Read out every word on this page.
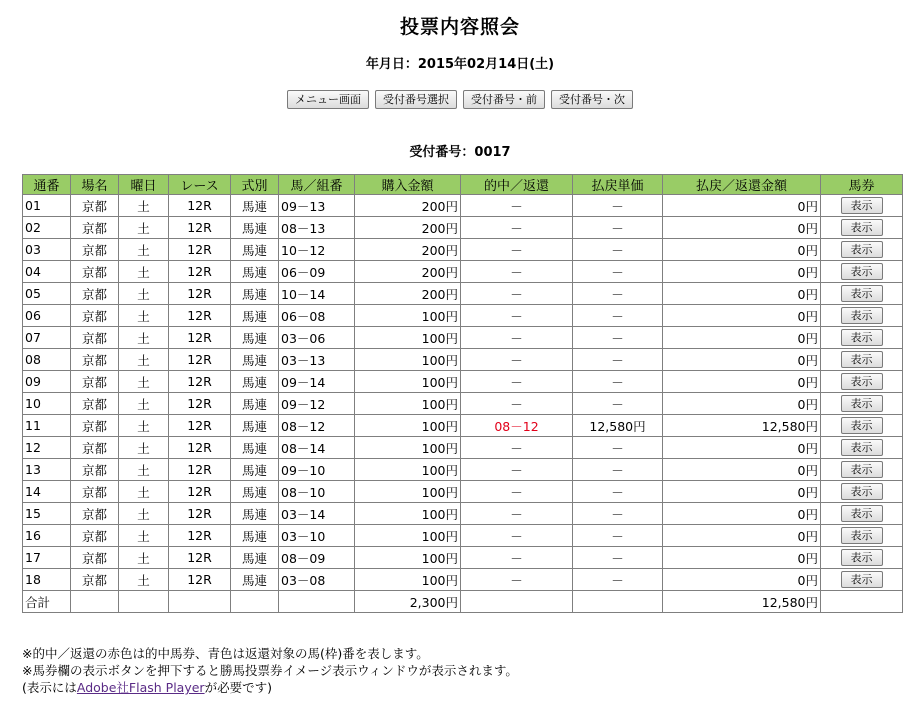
投票内容照会
年月日：2015年02月14日(土)
メニュー画面 受付番号選択 受付番号・前 受付番号・次
受付番号：0017
通番	場名	曜日	レース	式別	馬／組番	購入金額	的中／返還	払戻単価	払戻／返還金額	馬券
01	京都	土	12R	馬連	09－13	200円	－	－	0円	表示
02	京都	土	12R	馬連	08－13	200円	－	－	0円	表示
03	京都	土	12R	馬連	10－12	200円	－	－	0円	表示
04	京都	土	12R	馬連	06－09	200円	－	－	0円	表示
05	京都	土	12R	馬連	10－14	200円	－	－	0円	表示
06	京都	土	12R	馬連	06－08	100円	－	－	0円	表示
07	京都	土	12R	馬連	03－06	100円	－	－	0円	表示
08	京都	土	12R	馬連	03－13	100円	－	－	0円	表示
09	京都	土	12R	馬連	09－14	100円	－	－	0円	表示
10	京都	土	12R	馬連	09－12	100円	－	－	0円	表示
11	京都	土	12R	馬連	08－12	100円	08－12	12,580円	12,580円	表示
12	京都	土	12R	馬連	08－14	100円	－	－	0円	表示
13	京都	土	12R	馬連	09－10	100円	－	－	0円	表示
14	京都	土	12R	馬連	08－10	100円	－	－	0円	表示
15	京都	土	12R	馬連	03－14	100円	－	－	0円	表示
16	京都	土	12R	馬連	03－10	100円	－	－	0円	表示
17	京都	土	12R	馬連	08－09	100円	－	－	0円	表示
18	京都	土	12R	馬連	03－08	100円	－	－	0円	表示
合計						2,300円			12,580円	
※的中／返還の赤色は的中馬券、青色は返還対象の馬(枠)番を表します。
※馬券欄の表示ボタンを押下すると勝馬投票券イメージ表示ウィンドウが表示されます。
(表示にはAdobe社Flash Playerが必要です)
